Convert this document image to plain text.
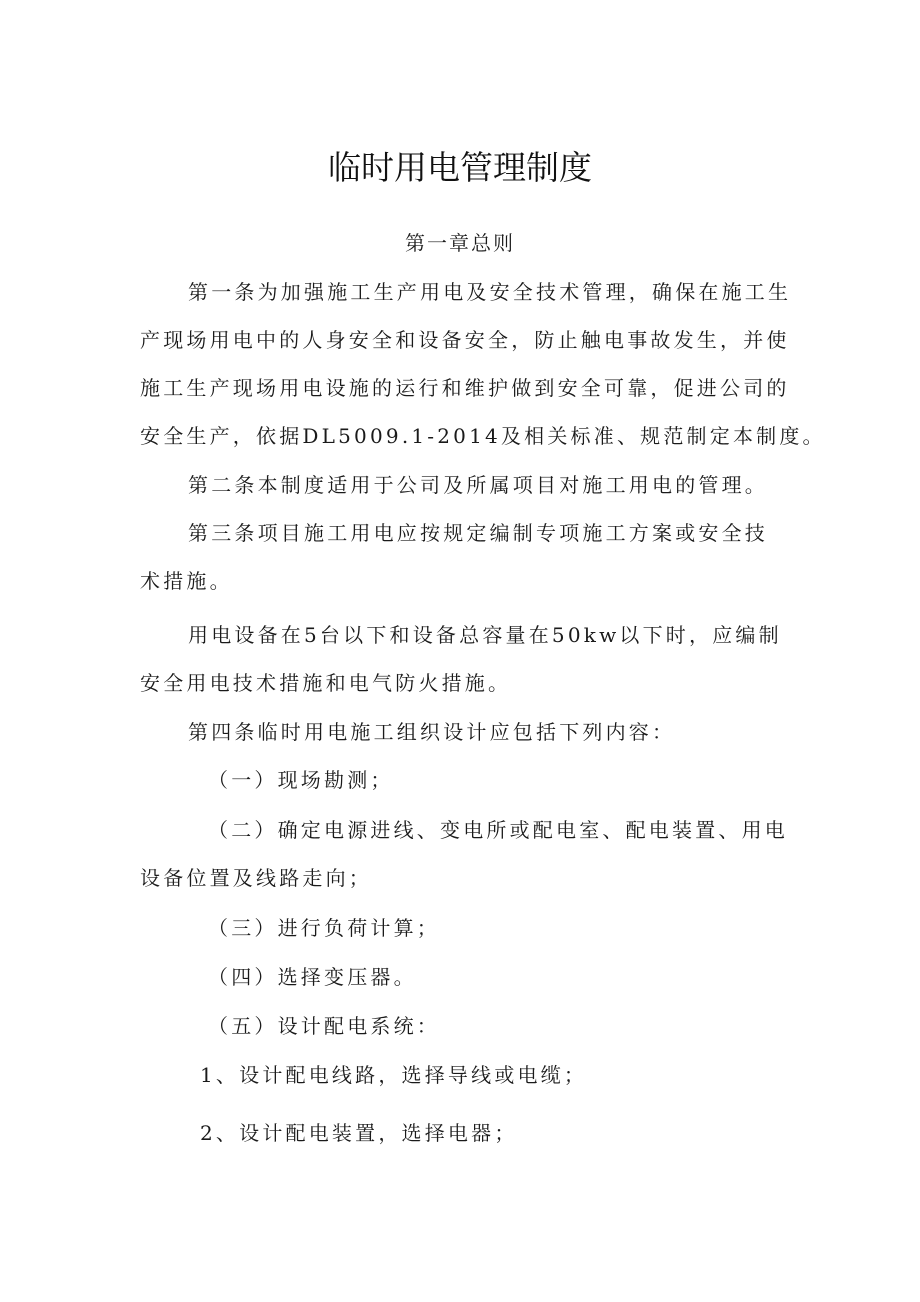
临时用电管理制度
第一章总则
第一条为加强施工生产用电及安全技术管理，确保在施工生
产现场用电中的人身安全和设备安全，防止触电事故发生，并使
施工生产现场用电设施的运行和维护做到安全可靠，促进公司的
安全生产，依据DL5009.1-2014及相关标准、规范制定本制度。
第二条本制度适用于公司及所属项目对施工用电的管理。
第三条项目施工用电应按规定编制专项施工方案或安全技
术措施。
用电设备在5台以下和设备总容量在50kw以下时，应编制
安全用电技术措施和电气防火措施。
第四条临时用电施工组织设计应包括下列内容：
（一）现场勘测；
（二）确定电源进线、变电所或配电室、配电装置、用电
设备位置及线路走向；
（三）进行负荷计算；
（四）选择变压器。
（五）设计配电系统：
1、设计配电线路，选择导线或电缆；
2、设计配电装置，选择电器；
